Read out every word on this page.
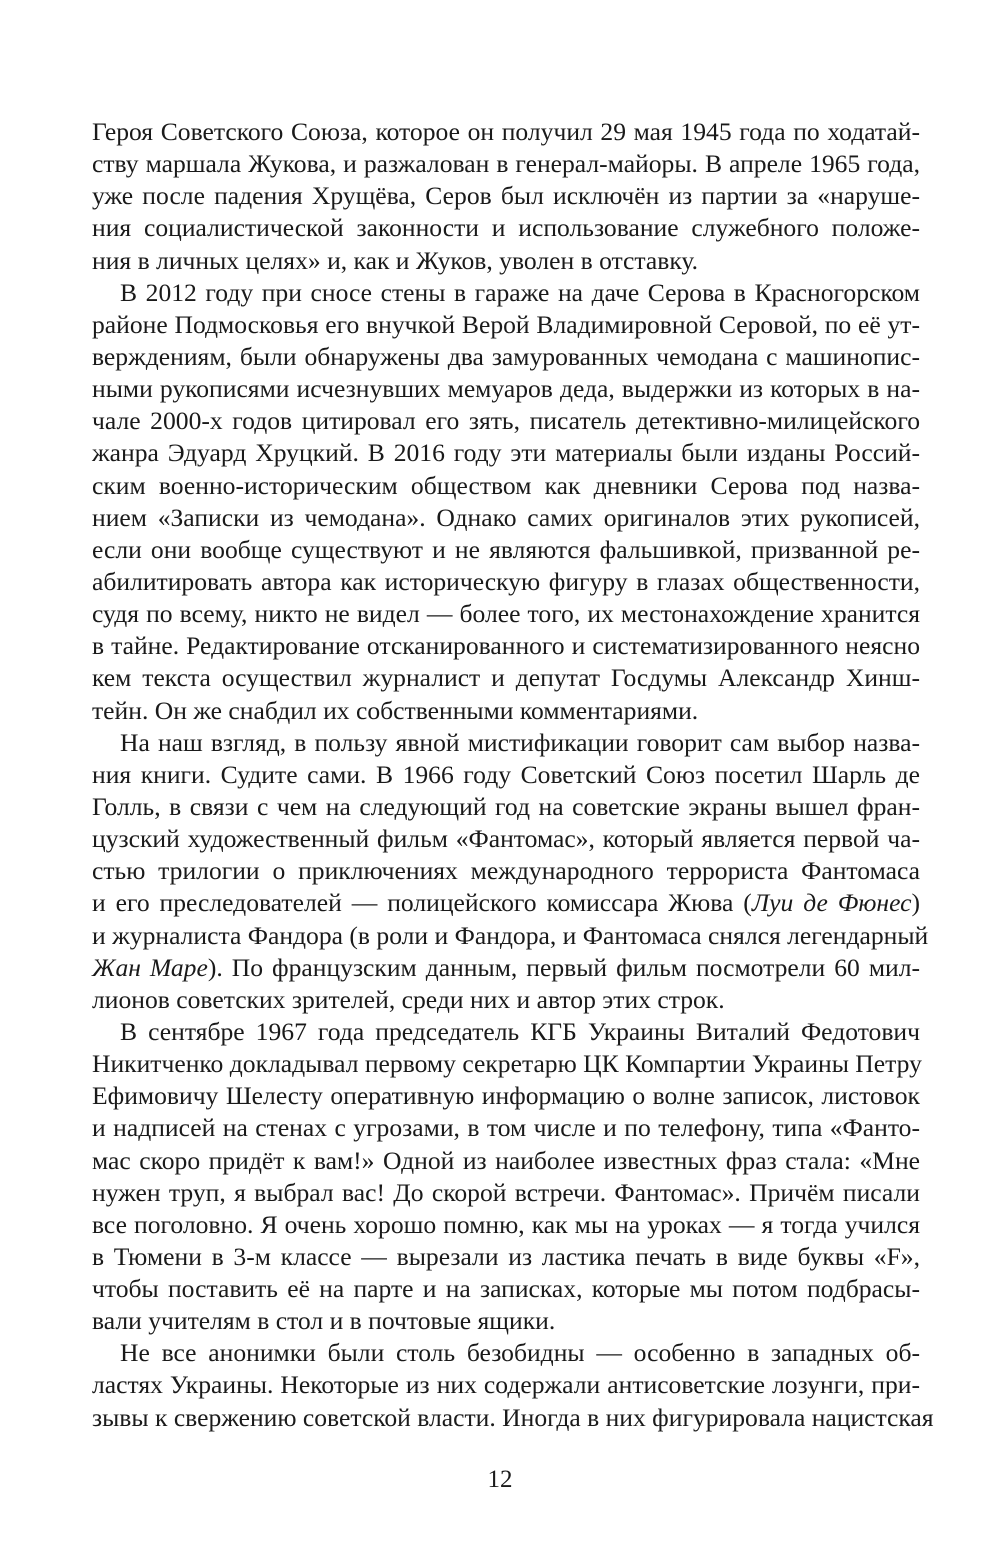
Героя Советского Союза, которое он получил 29 мая 1945 года по ходатай-
ству маршала Жукова, и разжалован в генерал-майоры. В апреле 1965 года,
уже после падения Хрущёва, Серов был исключён из партии за «наруше-
ния социалистической законности и использование служебного положе-
ния в личных целях» и, как и Жуков, уволен в отставку.
В 2012 году при сносе стены в гараже на даче Серова в Красногорском
районе Подмосковья его внучкой Верой Владимировной Серовой, по её ут-
верждениям, были обнаружены два замурованных чемодана с машинопис-
ными рукописями исчезнувших мемуаров деда, выдержки из которых в на-
чале 2000-х годов цитировал его зять, писатель детективно-милицейского
жанра Эдуард Хруцкий. В 2016 году эти материалы были изданы Россий-
ским военно-историческим обществом как дневники Серова под назва-
нием «Записки из чемодана». Однако самих оригиналов этих рукописей,
если они вообще существуют и не являются фальшивкой, призванной ре-
абилитировать автора как историческую фигуру в глазах общественности,
судя по всему, никто не видел — более того, их местонахождение хранится
в тайне. Редактирование отсканированного и систематизированного неясно
кем текста осуществил журналист и депутат Госдумы Александр Хинш-
тейн. Он же снабдил их собственными комментариями.
На наш взгляд, в пользу явной мистификации говорит сам выбор назва-
ния книги. Судите сами. В 1966 году Советский Союз посетил Шарль де
Голль, в связи с чем на следующий год на советские экраны вышел фран-
цузский художественный фильм «Фантомас», который является первой ча-
стью трилогии о приключениях международного террориста Фантомаса
и его преследователей — полицейского комиссара Жюва (Луи де Фюнес)
и журналиста Фандора (в роли и Фандора, и Фантомаса снялся легендарный
Жан Маре). По французским данным, первый фильм посмотрели 60 мил-
лионов советских зрителей, среди них и автор этих строк.
В сентябре 1967 года председатель КГБ Украины Виталий Федотович
Никитченко докладывал первому секретарю ЦК Компартии Украины Петру
Ефимовичу Шелесту оперативную информацию о волне записок, листовок
и надписей на стенах с угрозами, в том числе и по телефону, типа «Фанто-
мас скоро придёт к вам!» Одной из наиболее известных фраз стала: «Мне
нужен труп, я выбрал вас! До скорой встречи. Фантомас». Причём писали
все поголовно. Я очень хорошо помню, как мы на уроках — я тогда учился
в Тюмени в 3-м классе — вырезали из ластика печать в виде буквы «F»,
чтобы поставить её на парте и на записках, которые мы потом подбрасы-
вали учителям в стол и в почтовые ящики.
Не все анонимки были столь безобидны — особенно в западных об-
ластях Украины. Некоторые из них содержали антисоветские лозунги, при-
зывы к свержению советской власти. Иногда в них фигурировала нацистская
12
